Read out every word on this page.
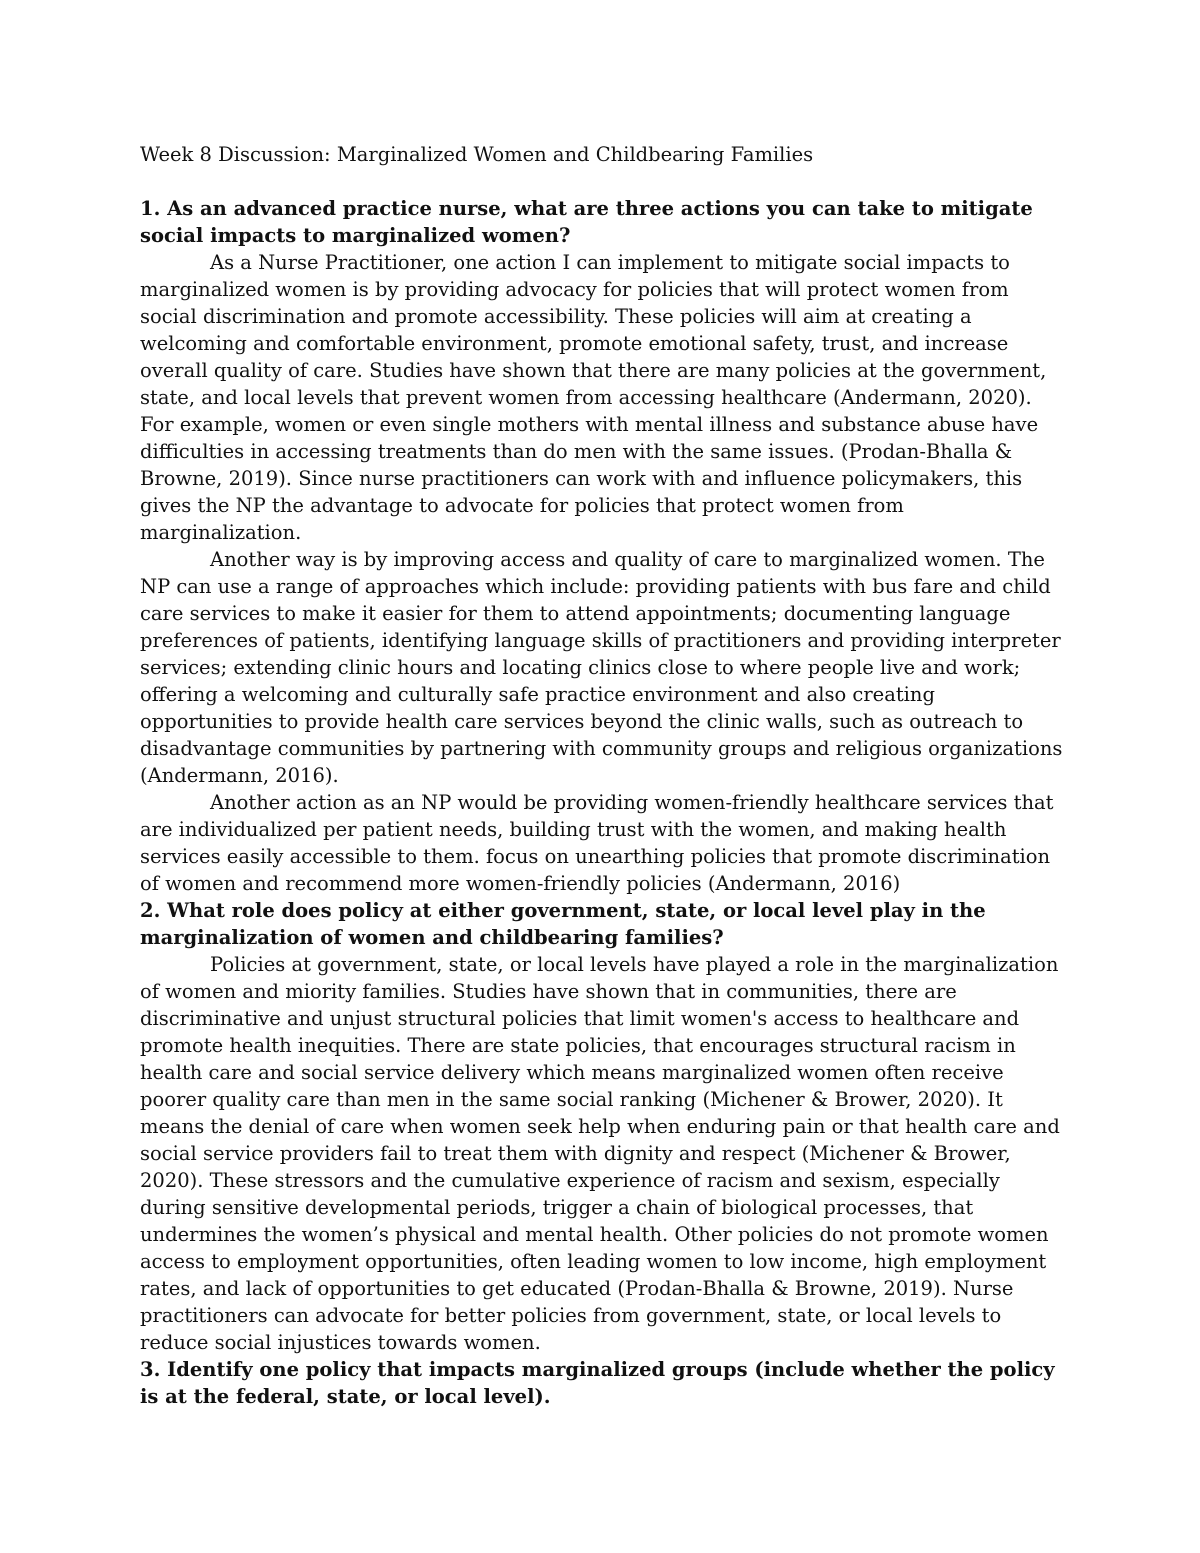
Week 8 Discussion: Marginalized Women and Childbearing Families

1. As an advanced practice nurse, what are three actions you can take to mitigate social impacts to marginalized women?

As a Nurse Practitioner, one action I can implement to mitigate social impacts to marginalized women is by providing advocacy for policies that will protect women from social discrimination and promote accessibility. These policies will aim at creating a welcoming and comfortable environment, promote emotional safety, trust, and increase overall quality of care. Studies have shown that there are many policies at the government, state, and local levels that prevent women from accessing healthcare (Andermann, 2020). For example, women or even single mothers with mental illness and substance abuse have difficulties in accessing treatments than do men with the same issues. (Prodan-Bhalla & Browne, 2019). Since nurse practitioners can work with and influence policymakers, this gives the NP the advantage to advocate for policies that protect women from marginalization.

Another way is by improving access and quality of care to marginalized women. The NP can use a range of approaches which include: providing patients with bus fare and child care services to make it easier for them to attend appointments; documenting language preferences of patients, identifying language skills of practitioners and providing interpreter services; extending clinic hours and locating clinics close to where people live and work; offering a welcoming and culturally safe practice environment and also creating opportunities to provide health care services beyond the clinic walls, such as outreach to disadvantage communities by partnering with community groups and religious organizations (Andermann, 2016).

Another action as an NP would be providing women-friendly healthcare services that are individualized per patient needs, building trust with the women, and making health services easily accessible to them. focus on unearthing policies that promote discrimination of women and recommend more women-friendly policies (Andermann, 2016)

2. What role does policy at either government, state, or local level play in the marginalization of women and childbearing families?

Policies at government, state, or local levels have played a role in the marginalization of women and miority families. Studies have shown that in communities, there are discriminative and unjust structural policies that limit women's access to healthcare and promote health inequities. There are state policies, that encourages structural racism in health care and social service delivery which means marginalized women often receive poorer quality care than men in the same social ranking (Michener & Brower, 2020). It means the denial of care when women seek help when enduring pain or that health care and social service providers fail to treat them with dignity and respect (Michener & Brower, 2020). These stressors and the cumulative experience of racism and sexism, especially during sensitive developmental periods, trigger a chain of biological processes, that undermines the women’s physical and mental health. Other policies do not promote women access to employment opportunities, often leading women to low income, high employment rates, and lack of opportunities to get educated (Prodan-Bhalla & Browne, 2019). Nurse practitioners can advocate for better policies from government, state, or local levels to reduce social injustices towards women.

3. Identify one policy that impacts marginalized groups (include whether the policy is at the federal, state, or local level).
